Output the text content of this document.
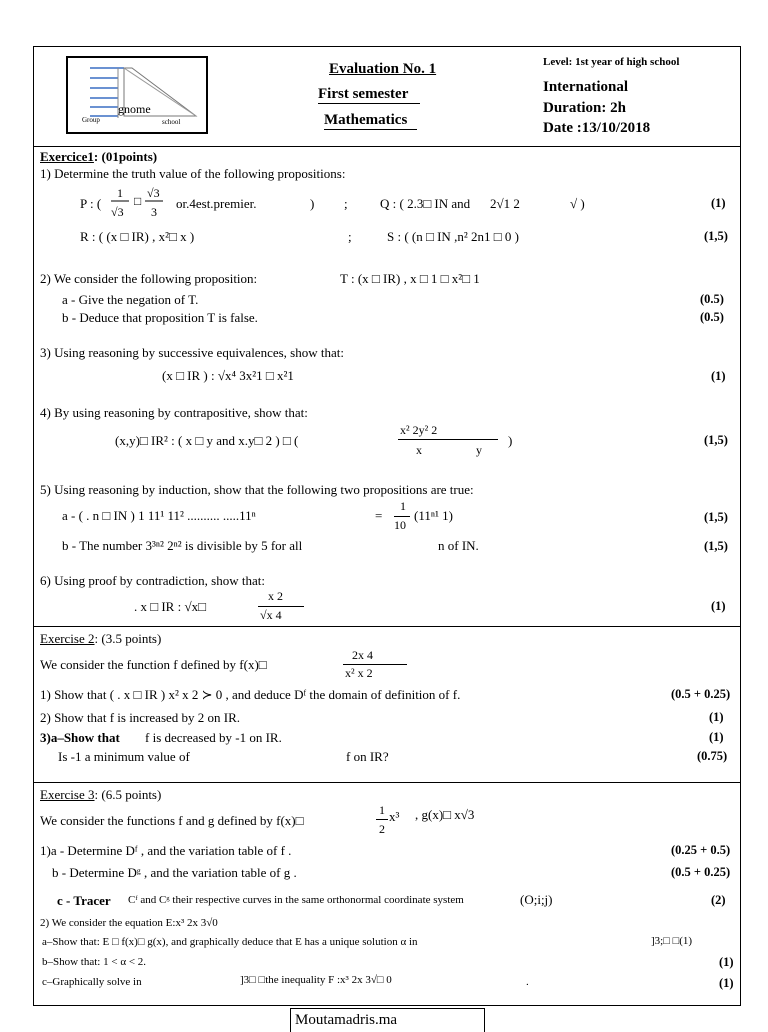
gnome
Group	school
Evaluation No. 1
First semester
Mathematics
Level: 1st year of high school
International
Duration: 2h
Date :13/10/2018
Exercice1: (01points)
1) Determine the truth value of the following propositions:
P : (
1
√3
□
√3
3
or.4est.premier.	) ; Q : ( 2.3□ IN and 2√1 2	√ )	(1)
R : ( (x □ IR) , x²□ x )	;	S : ( (n □ IN ,n² 2n1 □ 0 )	(1,5)
2) We consider the following proposition:	T : (x □ IR) , x □ 1 □ x²□ 1
a - Give the negation of T.	(0.5)
b - Deduce that proposition T is false.	(0.5)
3) Using reasoning by successive equivalences, show that:
(x □ IR ) : √x⁴ 3x²1 □ x²1	(1)
4) By using reasoning by contrapositive, show that:
(x,y)□ IR² : ( x □ y and x.y□ 2 ) □ (
x² 2y² 2
x	y
)	(1,5)
5) Using reasoning by induction, show that the following two propositions are true:
a - ( . n □ IN ) 1 11¹ 11² .......... .....11ⁿ	=
1
10
(11ⁿ¹ 1)	(1,5)
b - The number 3³ⁿ² 2ⁿ² is divisible by 5 for all	n of IN.	(1,5)
6) Using proof by contradiction, show that:
. x □ IR : √x□
x 2
√x 4
(1)
Exercise 2: (3.5 points)
We consider the function f defined by f(x)□
2x 4
x² x 2
1) Show that ( . x □ IR ) x² x 2 ≻ 0 , and deduce Dᶠ the domain of definition of f.	(0.5 + 0.25)
2) Show that f is increased by 2 on IR.	(1)
3)a–Show that f is decreased by -1 on IR.	(1)
Is -1 a minimum value of	f on IR?	(0.75)
Exercise 3: (6.5 points)
We consider the functions f and g defined by f(x)□
1
2
x³ , g(x)□ x√3
1)a - Determine Dᶠ , and the variation table of f .	(0.25 + 0.5)
b - Determine Dᵍ , and the variation table of g .	(0.5 + 0.25)
c - Tracer Cᶠ and Cᵍ their respective curves in the same orthonormal coordinate system	(O;i;j)	(2)
2) We consider the equation E:x³ 2x 3√0
a–Show that: E □ f(x)□ g(x), and graphically deduce that E has a unique solution α in	]3;□ □(1)
b–Show that: 1 < α < 2.	(1)
c–Graphically solve in	]3□ □the inequality F :x³ 2x 3√□ 0	.	(1)
Moutamadris.ma
